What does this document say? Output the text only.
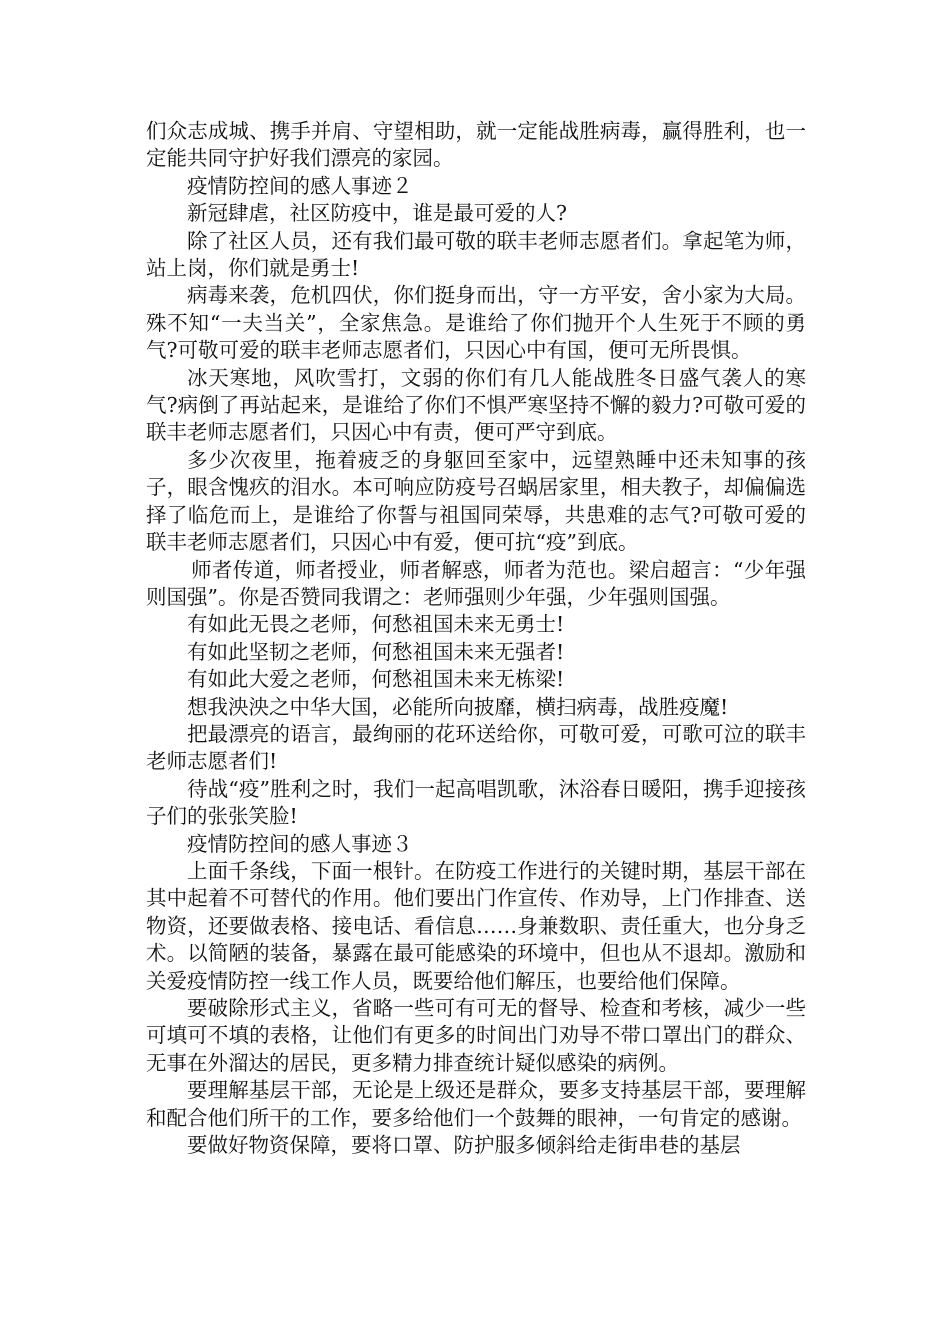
们众志成城、携手并肩、守望相助，就一定能战胜病毒，赢得胜利，也一定能共同守护好我们漂亮的家园。

疫情防控间的感人事迹２

新冠肆虐，社区防疫中，谁是最可爱的人?

除了社区人员，还有我们最可敬的联丰老师志愿者们。拿起笔为师，站上岗，你们就是勇士!

病毒来袭，危机四伏，你们挺身而出，守一方平安，舍小家为大局。殊不知“一夫当关”，全家焦急。是谁给了你们抛开个人生死于不顾的勇气?可敬可爱的联丰老师志愿者们，只因心中有国，便可无所畏惧。

冰天寒地，风吹雪打，文弱的你们有几人能战胜冬日盛气袭人的寒气?病倒了再站起来，是谁给了你们不惧严寒坚持不懈的毅力?可敬可爱的联丰老师志愿者们，只因心中有责，便可严守到底。

多少次夜里，拖着疲乏的身躯回至家中，远望熟睡中还未知事的孩子，眼含愧疚的泪水。本可响应防疫号召蜗居家里，相夫教子，却偏偏选择了临危而上，是谁给了你誓与祖国同荣辱，共患难的志气?可敬可爱的联丰老师志愿者们，只因心中有爱，便可抗“疫”到底。

师者传道，师者授业，师者解惑，师者为范也。梁启超言：“少年强则国强”。你是否赞同我谓之：老师强则少年强，少年强则国强。

有如此无畏之老师，何愁祖国未来无勇士!

有如此坚韧之老师，何愁祖国未来无强者!

有如此大爱之老师，何愁祖国未来无栋梁!

想我泱泱之中华大国，必能所向披靡，横扫病毒，战胜疫魔!

把最漂亮的语言，最绚丽的花环送给你，可敬可爱，可歌可泣的联丰老师志愿者们!

待战“疫”胜利之时，我们一起高唱凯歌，沐浴春日暖阳，携手迎接孩子们的张张笑脸!

疫情防控间的感人事迹３

上面千条线，下面一根针。在防疫工作进行的关键时期，基层干部在其中起着不可替代的作用。他们要出门作宣传、作劝导，上门作排查、送物资，还要做表格、接电话、看信息……身兼数职、责任重大，也分身乏术。以简陋的装备，暴露在最可能感染的环境中，但也从不退却。激励和关爱疫情防控一线工作人员，既要给他们解压，也要给他们保障。

要破除形式主义，省略一些可有可无的督导、检查和考核，减少一些可填可不填的表格，让他们有更多的时间出门劝导不带口罩出门的群众、无事在外溜达的居民，更多精力排查统计疑似感染的病例。

要理解基层干部，无论是上级还是群众，要多支持基层干部，要理解和配合他们所干的工作，要多给他们一个鼓舞的眼神，一句肯定的感谢。

要做好物资保障，要将口罩、防护服多倾斜给走街串巷的基层
